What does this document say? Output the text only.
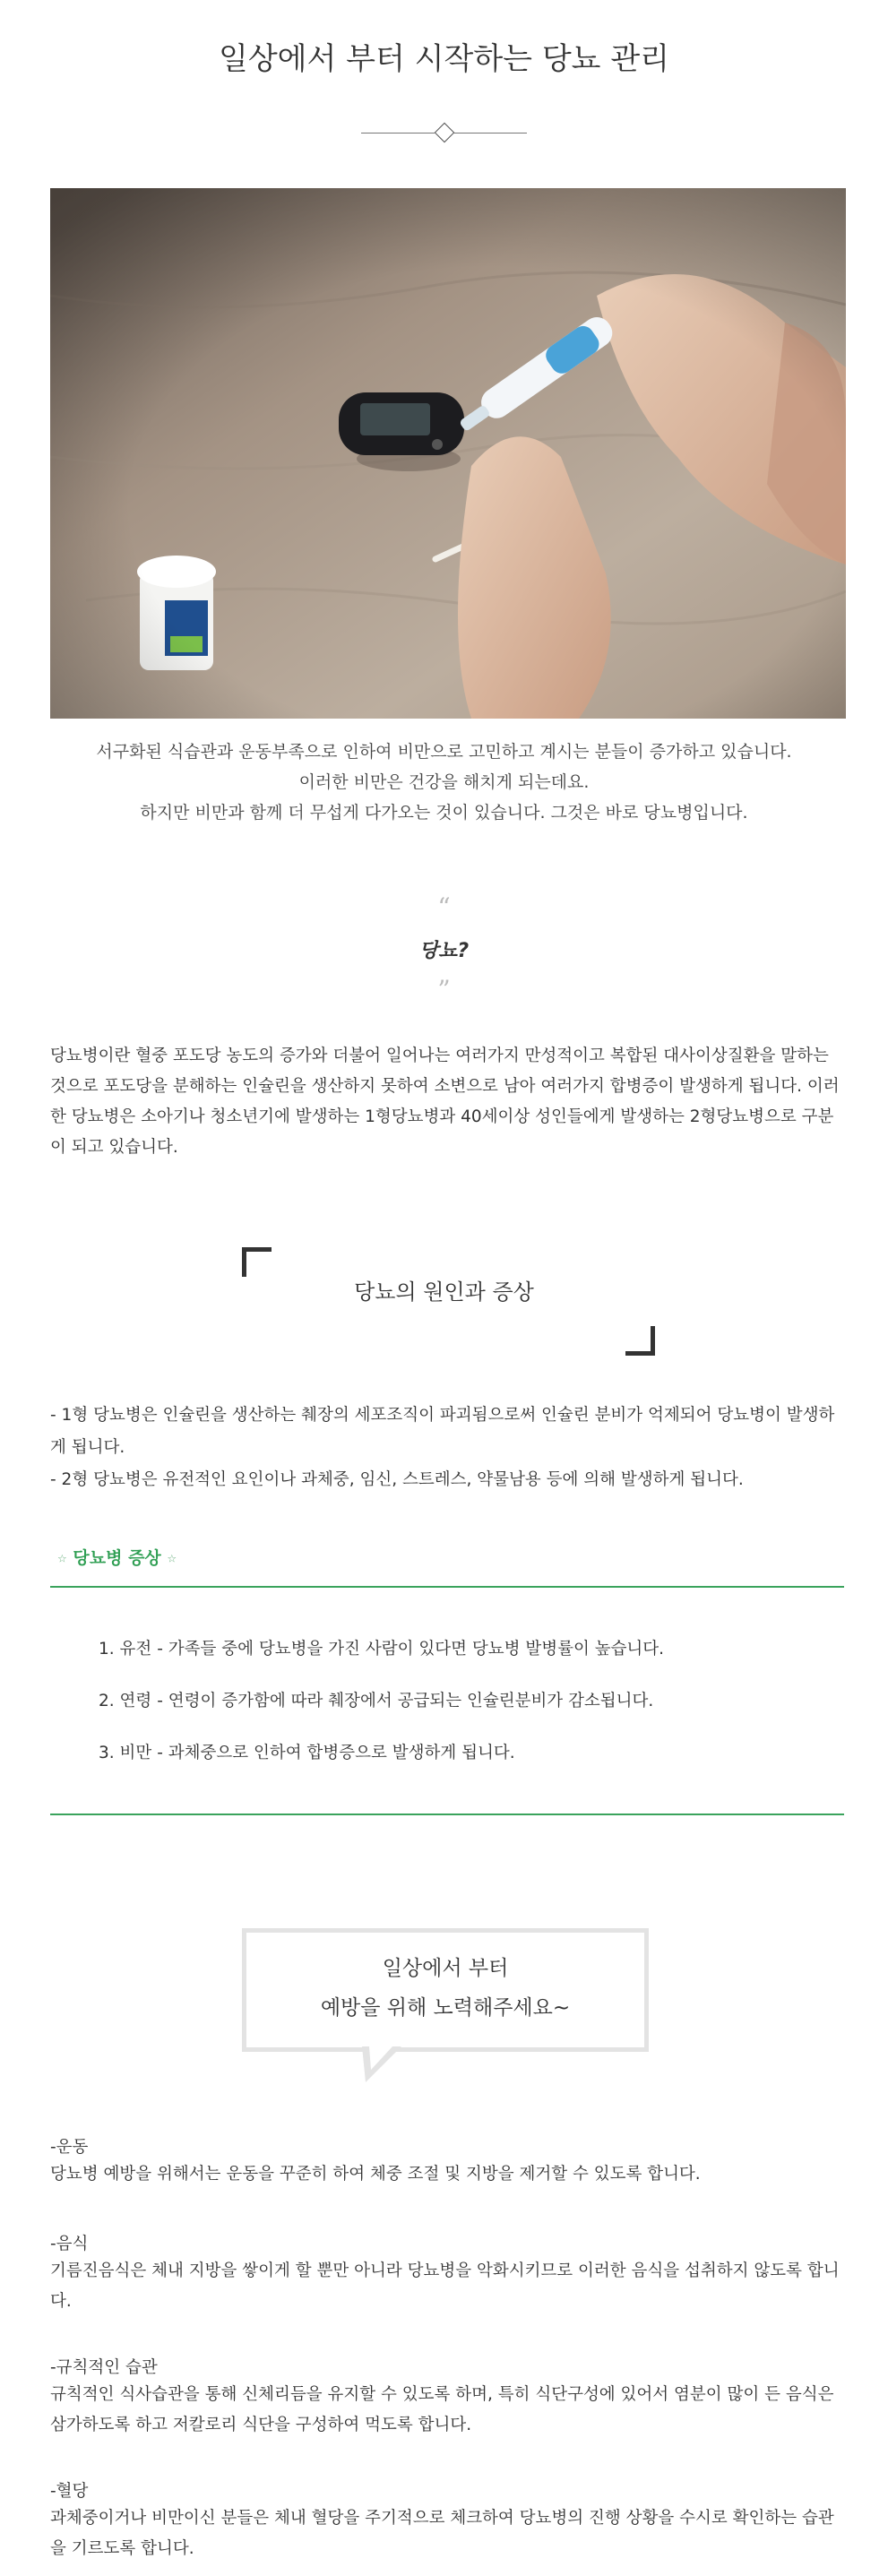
일상에서 부터 시작하는 당뇨 관리
서구화된 식습관과 운동부족으로 인하여 비만으로 고민하고 계시는 분들이 증가하고 있습니다.
이러한 비만은 건강을 해치게 되는데요.
하지만 비만과 함께 더 무섭게 다가오는 것이 있습니다. 그것은 바로 당뇨병입니다.
“
당뇨?
”
당뇨병이란 혈중 포도당 농도의 증가와 더불어 일어나는 여러가지 만성적이고 복합된 대사이상질환을 말하는 것으로 포도당을 분해하는 인슐린을 생산하지 못하여 소변으로 남아 여러가지 합병증이 발생하게 됩니다. 이러한 당뇨병은 소아기나 청소년기에 발생하는 1형당뇨병과 40세이상 성인들에게 발생하는 2형당뇨병으로 구분이 되고 있습니다.
당뇨의 원인과 증상
- 1형 당뇨병은 인슐린을 생산하는 췌장의 세포조직이 파괴됨으로써 인슐린 분비가 억제되어 당뇨병이 발생하게 됩니다.
- 2형 당뇨병은 유전적인 요인이나 과체중, 임신, 스트레스, 약물남용 등에 의해 발생하게 됩니다.
☆ 당뇨병 증상 ☆
1. 유전 - 가족들 중에 당뇨병을 가진 사람이 있다면 당뇨병 발병률이 높습니다.
2. 연령 - 연령이 증가함에 따라 췌장에서 공급되는 인슐린분비가 감소됩니다.
3. 비만 - 과체중으로 인하여 합병증으로 발생하게 됩니다.
일상에서 부터
예방을 위해 노력해주세요~
-운동
당뇨병 예방을 위해서는 운동을 꾸준히 하여 체중 조절 및 지방을 제거할 수 있도록 합니다.
-음식
기름진음식은 체내 지방을 쌓이게 할 뿐만 아니라 당뇨병을 악화시키므로 이러한 음식을 섭취하지 않도록 합니다.
-규칙적인 습관
규칙적인 식사습관을 통해 신체리듬을 유지할 수 있도록 하며, 특히 식단구성에 있어서 염분이 많이 든 음식은 삼가하도록 하고 저칼로리 식단을 구성하여 먹도록 합니다.
-혈당
과체중이거나 비만이신 분들은 체내 혈당을 주기적으로 체크하여 당뇨병의 진행 상황을 수시로 확인하는 습관을 기르도록 합니다.
